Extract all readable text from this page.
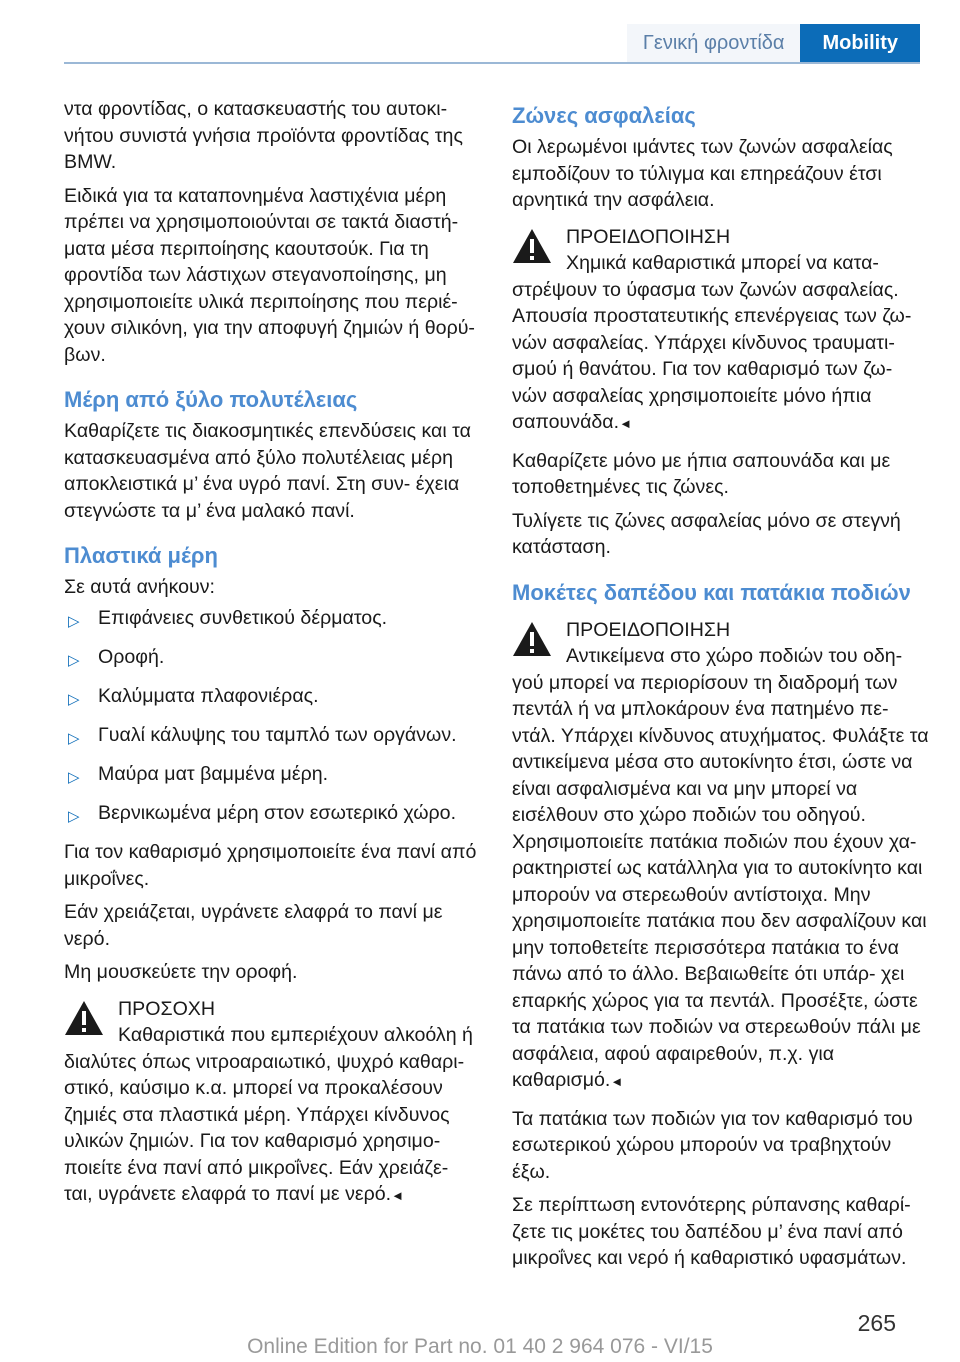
Γενική φροντίδα	Mobility

ντα φροντίδας, ο κατασκευαστής του αυτοκι‐ νήτου συνιστά γνήσια προϊόντα φροντίδας της BMW.

Ειδικά για τα καταπονημένα λαστιχένια μέρη πρέπει να χρησιμοποιούνται σε τακτά διαστή‐ ματα μέσα περιποίησης καουτσούκ. Για τη φροντίδα των λάστιχων στεγανοποίησης, μη χρησιμοποιείτε υλικά περιποίησης που περιέ‐ χουν σιλικόνη, για την αποφυγή ζημιών ή θορύ‐ βων.

Μέρη από ξύλο πολυτέλειας

Καθαρίζετε τις διακοσμητικές επενδύσεις και τα κατασκευασμένα από ξύλο πολυτέλειας μέρη αποκλειστικά μ’ ένα υγρό πανί. Στη συν‐ έχεια στεγνώστε τα μ’ ένα μαλακό πανί.

Πλαστικά μέρη

Σε αυτά ανήκουν:

▷ Επιφάνειες συνθετικού δέρματος.
▷ Οροφή.
▷ Καλύμματα πλαφονιέρας.
▷ Γυαλί κάλυψης του ταμπλό των οργάνων.
▷ Μαύρα ματ βαμμένα μέρη.
▷ Βερνικωμένα μέρη στον εσωτερικό χώρο.

Για τον καθαρισμό χρησιμοποιείτε ένα πανί από μικροΐνες.

Εάν χρειάζεται, υγράνετε ελαφρά το πανί με νερό.

Μη μουσκεύετε την οροφή.

ΠΡΟΣΟΧΗ
Καθαριστικά που εμπεριέχουν αλκοόλη ή διαλύτες όπως νιτροαραιωτικό, ψυχρό καθαρι‐ στικό, καύσιμο κ.α. μπορεί να προκαλέσουν ζημιές στα πλαστικά μέρη. Υπάρχει κίνδυνος υλικών ζημιών. Για τον καθαρισμό χρησιμο‐ ποιείτε ένα πανί από μικροΐνες. Εάν χρειάζε‐ ται, υγράνετε ελαφρά το πανί με νερό.◄
Ζώνες ασφαλείας

Οι λερωμένοι ιμάντες των ζωνών ασφαλείας εμποδίζουν το τύλιγμα και επηρεάζουν έτσι αρνητικά την ασφάλεια.

ΠΡΟΕΙΔΟΠΟΙΗΣΗ
Χημικά καθαριστικά μπορεί να κατα‐ στρέψουν το ύφασμα των ζωνών ασφαλείας. Απουσία προστατευτικής επενέργειας των ζω‐ νών ασφαλείας. Υπάρχει κίνδυνος τραυματι‐ σμού ή θανάτου. Για τον καθαρισμό των ζω‐ νών ασφαλείας χρησιμοποιείτε μόνο ήπια σαπουνάδα.◄

Καθαρίζετε μόνο με ήπια σαπουνάδα και με τοποθετημένες τις ζώνες.

Τυλίγετε τις ζώνες ασφαλείας μόνο σε στεγνή κατάσταση.

Μοκέτες δαπέδου και πατάκια ποδιών
ΠΡΟΕΙΔΟΠΟΙΗΣΗ
Αντικείμενα στο χώρο ποδιών του οδη‐ γού μπορεί να περιορίσουν τη διαδρομή των πεντάλ ή να μπλοκάρουν ένα πατημένο πε‐ ντάλ. Υπάρχει κίνδυνος ατυχήματος. Φυλάξτε τα αντικείμενα μέσα στο αυτοκίνητο έτσι, ώστε να είναι ασφαλισμένα και να μην μπορεί να εισέλθουν στο χώρο ποδιών του οδηγού. Χρησιμοποιείτε πατάκια ποδιών που έχουν χα‐ ρακτηριστεί ως κατάλληλα για το αυτοκίνητο και μπορούν να στερεωθούν αντίστοιχα. Μην χρησιμοποιείτε πατάκια που δεν ασφαλίζουν και μην τοποθετείτε περισσότερα πατάκια το ένα πάνω από το άλλο. Βεβαιωθείτε ότι υπάρ‐ χει επαρκής χώρος για τα πεντάλ. Προσέξτε, ώστε τα πατάκια των ποδιών να στερεωθούν πάλι με ασφάλεια, αφού αφαιρεθούν, π.χ. για καθαρισμό.◄

Τα πατάκια των ποδιών για τον καθαρισμό του εσωτερικού χώρου μπορούν να τραβηχτούν έξω.

Σε περίπτωση εντονότερης ρύπανσης καθαρί‐ ζετε τις μοκέτες του δαπέδου μ’ ένα πανί από μικροΐνες και νερό ή καθαριστικό υφασμάτων.

265
Online Edition for Part no. 01 40 2 964 076 - VI/15
